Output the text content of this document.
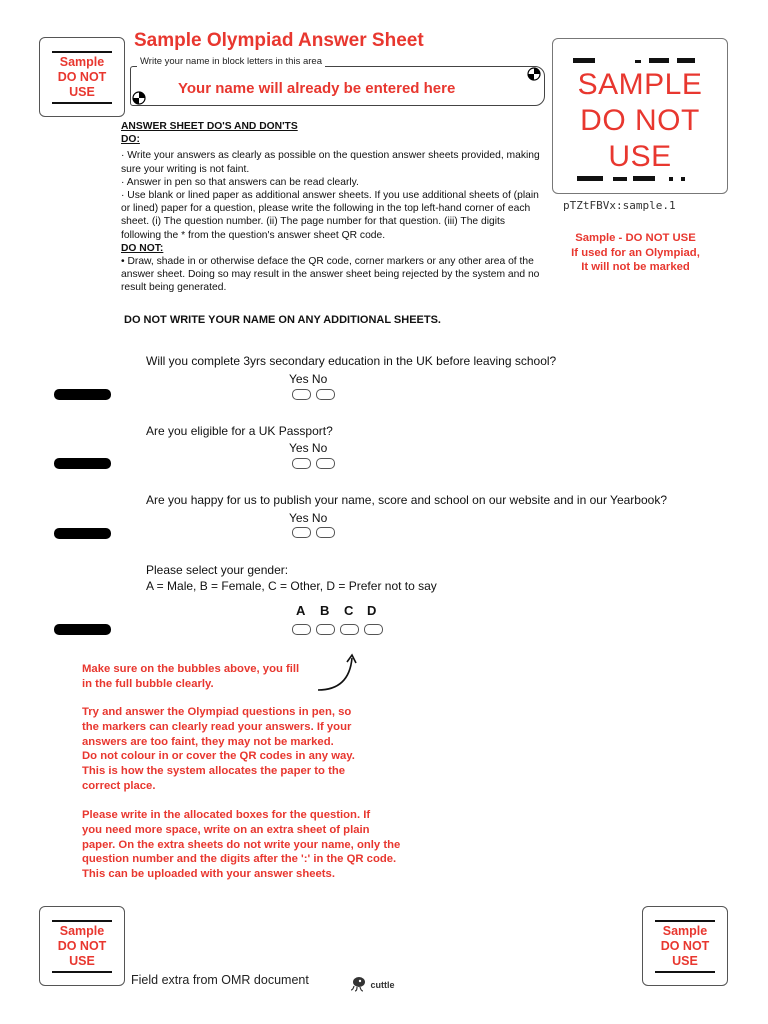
Sample
DO NOT
USE
Sample Olympiad Answer Sheet
Write your name in block letters in this area
Your name will already be entered here	SAMPLE
DO NOT
USE
pTZtFBVx:sample.1
Sample - DO NOT USE
If used for an Olympiad,
It will not be marked

ANSWER SHEET DO'S AND DON'TS

DO:

· Write your answers as clearly as possible on the question answer sheets provided, making sure your writing is not faint.

· Answer in pen so that answers can be read clearly.

· Use blank or lined paper as additional answer sheets. If you use additional sheets of (plain or lined) paper for a question, please write the following in the top left-hand corner of each sheet. (i) The question number. (ii) The page number for that question. (iii) The digits following the * from the question's answer sheet QR code.

DO NOT:

• Draw, shade in or otherwise deface the QR code, corner markers or any other area of the answer sheet. Doing so may result in the answer sheet being rejected by the system and no result being generated.

DO NOT WRITE YOUR NAME ON ANY ADDITIONAL SHEETS.
Will you complete 3yrs secondary education in the UK before leaving school?
Yes No
Are you eligible for a UK Passport?
Yes No
Are you happy for us to publish your name, score and school on our website and in our Yearbook?
Yes No
Please select your gender:
A = Male, B = Female, C = Other, D = Prefer not to say
A B C D
Make sure on the bubbles above, you fill
in the full bubble clearly.
Try and answer the Olympiad questions in pen, so
the markers can clearly read your answers. If your
answers are too faint, they may not be marked.
Do not colour in or cover the QR codes in any way.
This is how the system allocates the paper to the
correct place.
Please write in the allocated boxes for the question. If
you need more space, write on an extra sheet of plain
paper. On the extra sheets do not write your name, only the
question number and the digits after the ':' in the QR code.
This can be uploaded with your answer sheets.
Sample
DO NOT
USE
Sample
DO NOT
USE
Field extra from OMR document	cuttle
